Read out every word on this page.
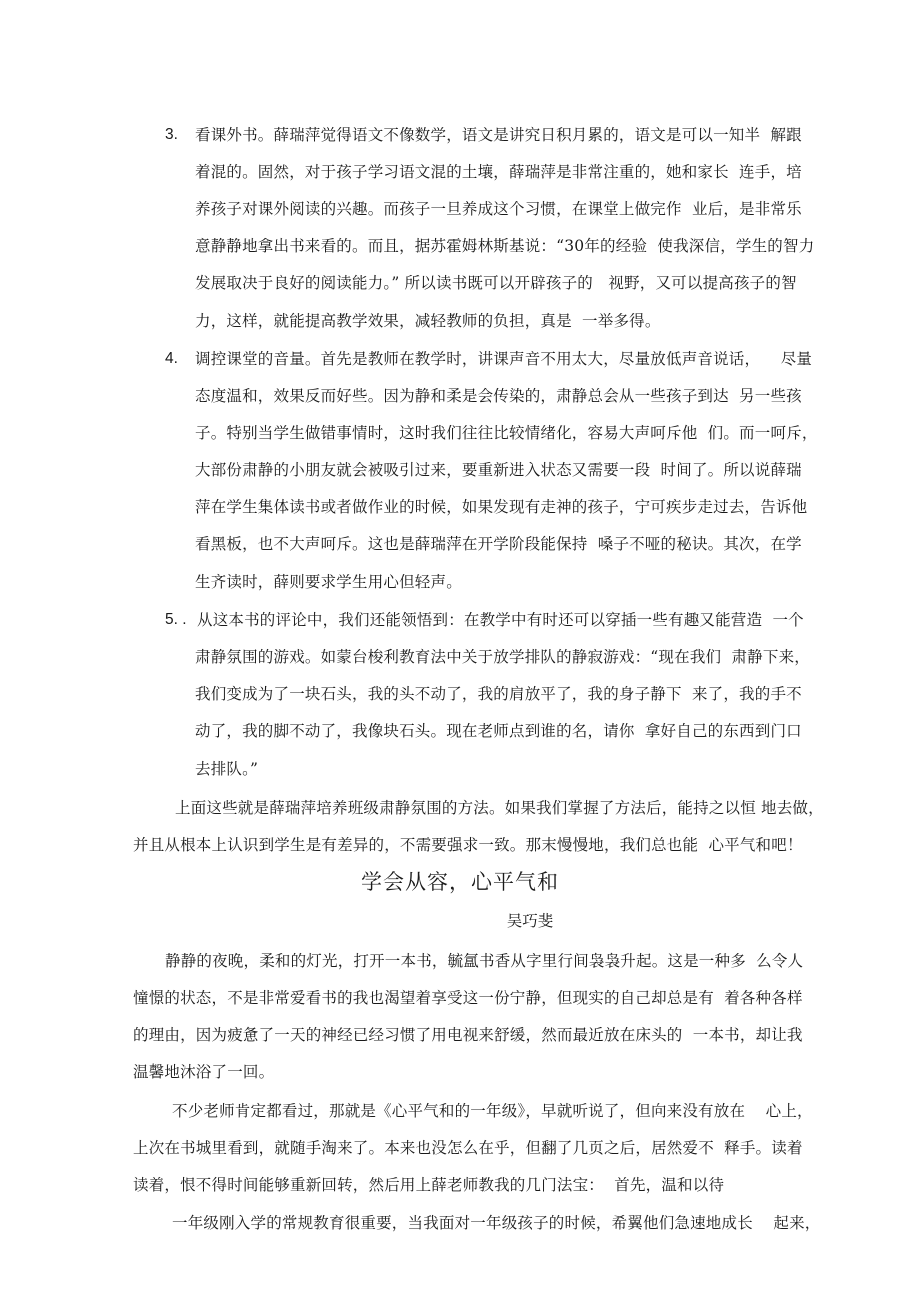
3. 看课外书。薛瑞萍觉得语文不像数学，语文是讲究日积月累的，语文是可以一知半  解跟
着混的。固然，对于孩子学习语文混的土壤，薛瑞萍是非常注重的，她和家长  连手，培
养孩子对课外阅读的兴趣。而孩子一旦养成这个习惯，在课堂上做完作  业后，是非常乐
意静静地拿出书来看的。而且，据苏霍姆林斯基说：“30年的经验  使我深信，学生的智力
发展取决于良好的阅读能力。” 所以读书既可以开辟孩子的   视野，又可以提高孩子的智
力，这样，就能提高教学效果，减轻教师的负担，真是  一举多得。
4. 调控课堂的音量。首先是教师在教学时，讲课声音不用太大，尽量放低声音说话，    尽量
态度温和，效果反而好些。因为静和柔是会传染的，肃静总会从一些孩子到达  另一些孩
子。特别当学生做错事情时，这时我们往往比较情绪化，容易大声呵斥他  们。而一呵斥，
大部份肃静的小朋友就会被吸引过来，要重新进入状态又需要一段  时间了。所以说薛瑞
萍在学生集体读书或者做作业的时候，如果发现有走神的孩子，宁可疾步走过去，告诉他
看黑板，也不大声呵斥。这也是薛瑞萍在开学阶段能保持  嗓子不哑的秘诀。其次，在学
生齐读时，薛则要求学生用心但轻声。
5. . 从这本书的评论中，我们还能领悟到：在教学中有时还可以穿插一些有趣又能营造  一个
肃静氛围的游戏。如蒙台梭利教育法中关于放学排队的静寂游戏：“现在我们  肃静下来，
我们变成为了一块石头，我的头不动了，我的肩放平了，我的身子静下  来了，我的手不
动了，我的脚不动了，我像块石头。现在老师点到谁的名，请你  拿好自己的东西到门口
去排队。”
上面这些就是薛瑞萍培养班级肃静氛围的方法。如果我们掌握了方法后，能持之以恒 地去做，
并且从根本上认识到学生是有差异的，不需要强求一致。那末慢慢地，我们总也能  心平气和吧！
学会从容，心平气和
吴巧斐
静静的夜晚，柔和的灯光，打开一本书，毓氲书香从字里行间袅袅升起。这是一种多  么令人
憧憬的状态，不是非常爱看书的我也渴望着享受这一份宁静，但现实的自己却总是有  着各种各样
的理由，因为疲惫了一天的神经已经习惯了用电视来舒缓，然而最近放在床头的  一本书，却让我
温馨地沐浴了一回。
不少老师肯定都看过，那就是《心平气和的一年级》，早就听说了，但向来没有放在    心上，
上次在书城里看到，就随手淘来了。本来也没怎么在乎，但翻了几页之后，居然爱不  释手。读着
读着，恨不得时间能够重新回转，然后用上薛老师教我的几门法宝：  首先，温和以待
一年级刚入学的常规教育很重要，当我面对一年级孩子的时候，希翼他们急速地成长    起来，
